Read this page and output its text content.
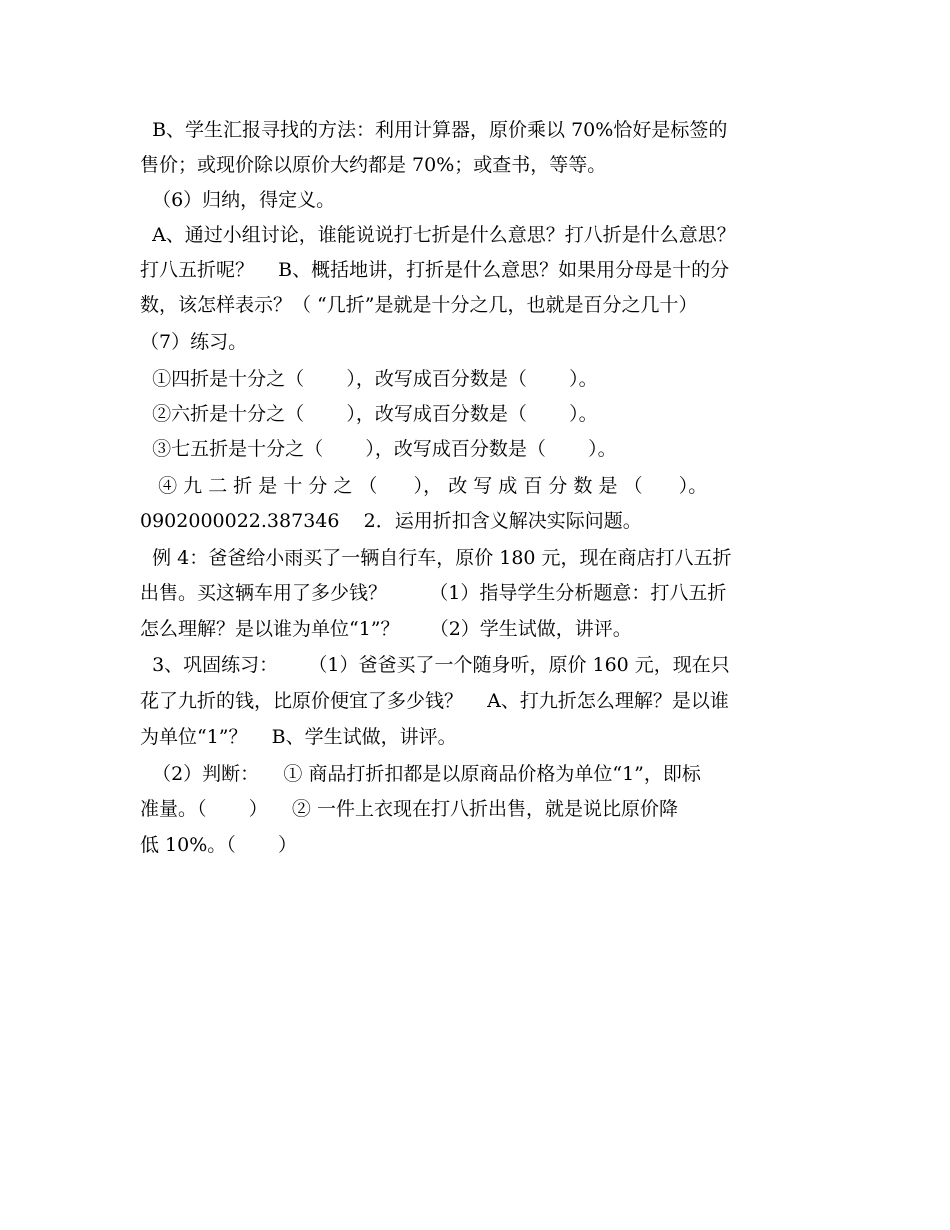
B、学生汇报寻找的方法：利用计算器，原价乘以 70%恰好是标签的
售价；或现价除以原价大约都是 70%；或查书，等等。
（6）归纳，得定义。
A、通过小组讨论，谁能说说打七折是什么意思？打八折是什么意思？
打八五折呢？    B、概括地讲，打折是什么意思？如果用分母是十的分
数，该怎样表示？（ “几折”是就是十分之几，也就是百分之几十）
（7）练习。
①四折是十分之（       ），改写成百分数是（       ）。
②六折是十分之（       ），改写成百分数是（       ）。
③七五折是十分之（       ），改写成百分数是（       ）。
④ 九 二 折 是 十 分 之 （      ）， 改 写 成 百 分 数 是 （      ）。
0902000022.387346    2．运用折扣含义解决实际问题。
例 4：爸爸给小雨买了一辆自行车，原价 180 元，现在商店打八五折
出售。买这辆车用了多少钱？       （1）指导学生分析题意：打八五折
怎么理解？是以谁为单位“1”？     （2）学生试做，讲评。
3、巩固练习：     （1）爸爸买了一个随身听，原价 160 元，现在只
花了九折的钱，比原价便宜了多少钱？    A、打九折怎么理解？是以谁
为单位“1”？    B、学生试做，讲评。
（2）判断：    ① 商品打折扣都是以原商品价格为单位“1”，即标
准量。（       ）    ② 一件上衣现在打八折出售，就是说比原价降
低 10%。（       ）
